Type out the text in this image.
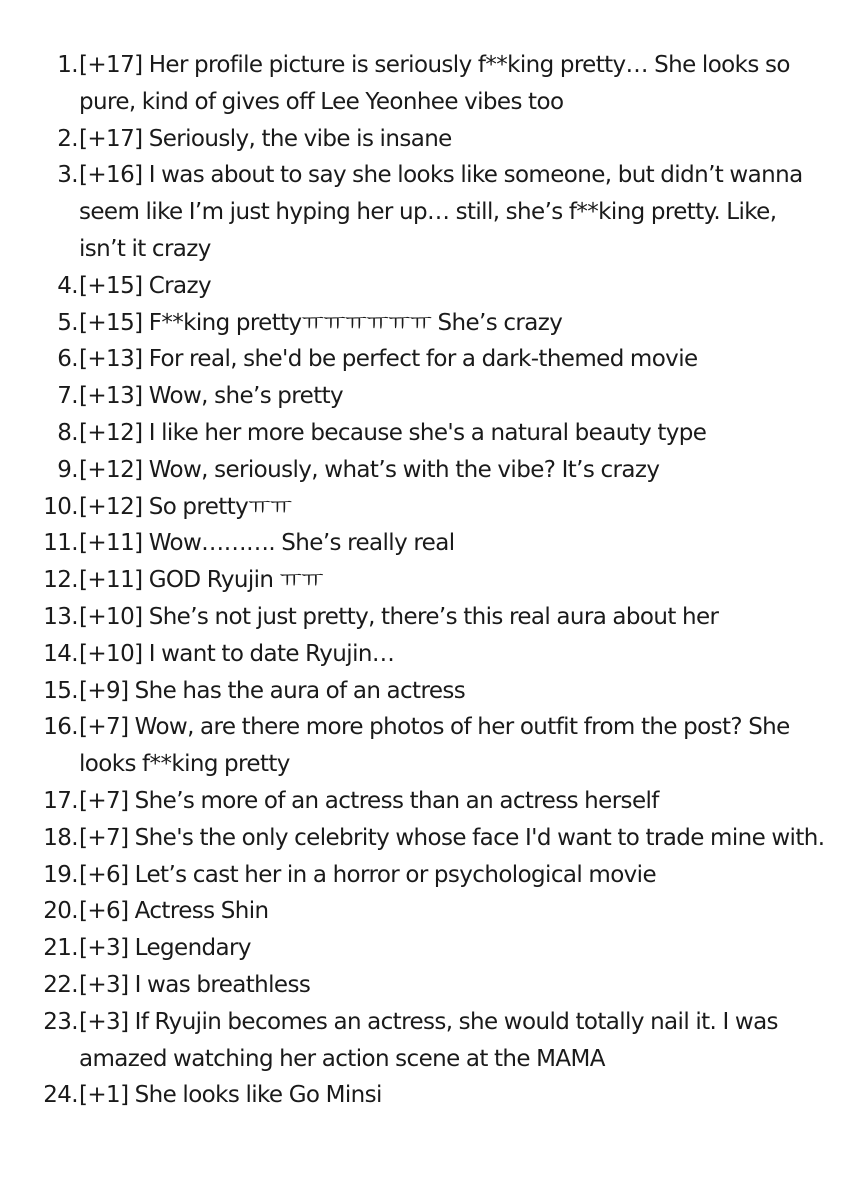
1. [+17] Her profile picture is seriously f**king pretty… She looks so pure, kind of gives off Lee Yeonhee vibes too
2. [+17] Seriously, the vibe is insane
3. [+16] I was about to say she looks like someone, but didn’t wanna seem like I’m just hyping her up… still, she’s f**king pretty. Like, isn’t it crazy
4. [+15] Crazy
5. [+15] F**king prettyㅠㅠㅠㅠㅠㅠ She’s crazy
6. [+13] For real, she'd be perfect for a dark-themed movie
7. [+13] Wow, she’s pretty
8. [+12] I like her more because she's a natural beauty type
9. [+12] Wow, seriously, what’s with the vibe? It’s crazy
10. [+12] So prettyㅠㅠ
11. [+11] Wow………. She’s really real
12. [+11] GOD Ryujin ㅠㅠ
13. [+10] She’s not just pretty, there’s this real aura about her
14. [+10] I want to date Ryujin…
15. [+9] She has the aura of an actress
16. [+7] Wow, are there more photos of her outfit from the post? She looks f**king pretty
17. [+7] She’s more of an actress than an actress herself
18. [+7] She's the only celebrity whose face I'd want to trade mine with.
19. [+6] Let’s cast her in a horror or psychological movie
20. [+6] Actress Shin
21. [+3] Legendary
22. [+3] I was breathless
23. [+3] If Ryujin becomes an actress, she would totally nail it. I was amazed watching her action scene at the MAMA
24. [+1] She looks like Go Minsi
